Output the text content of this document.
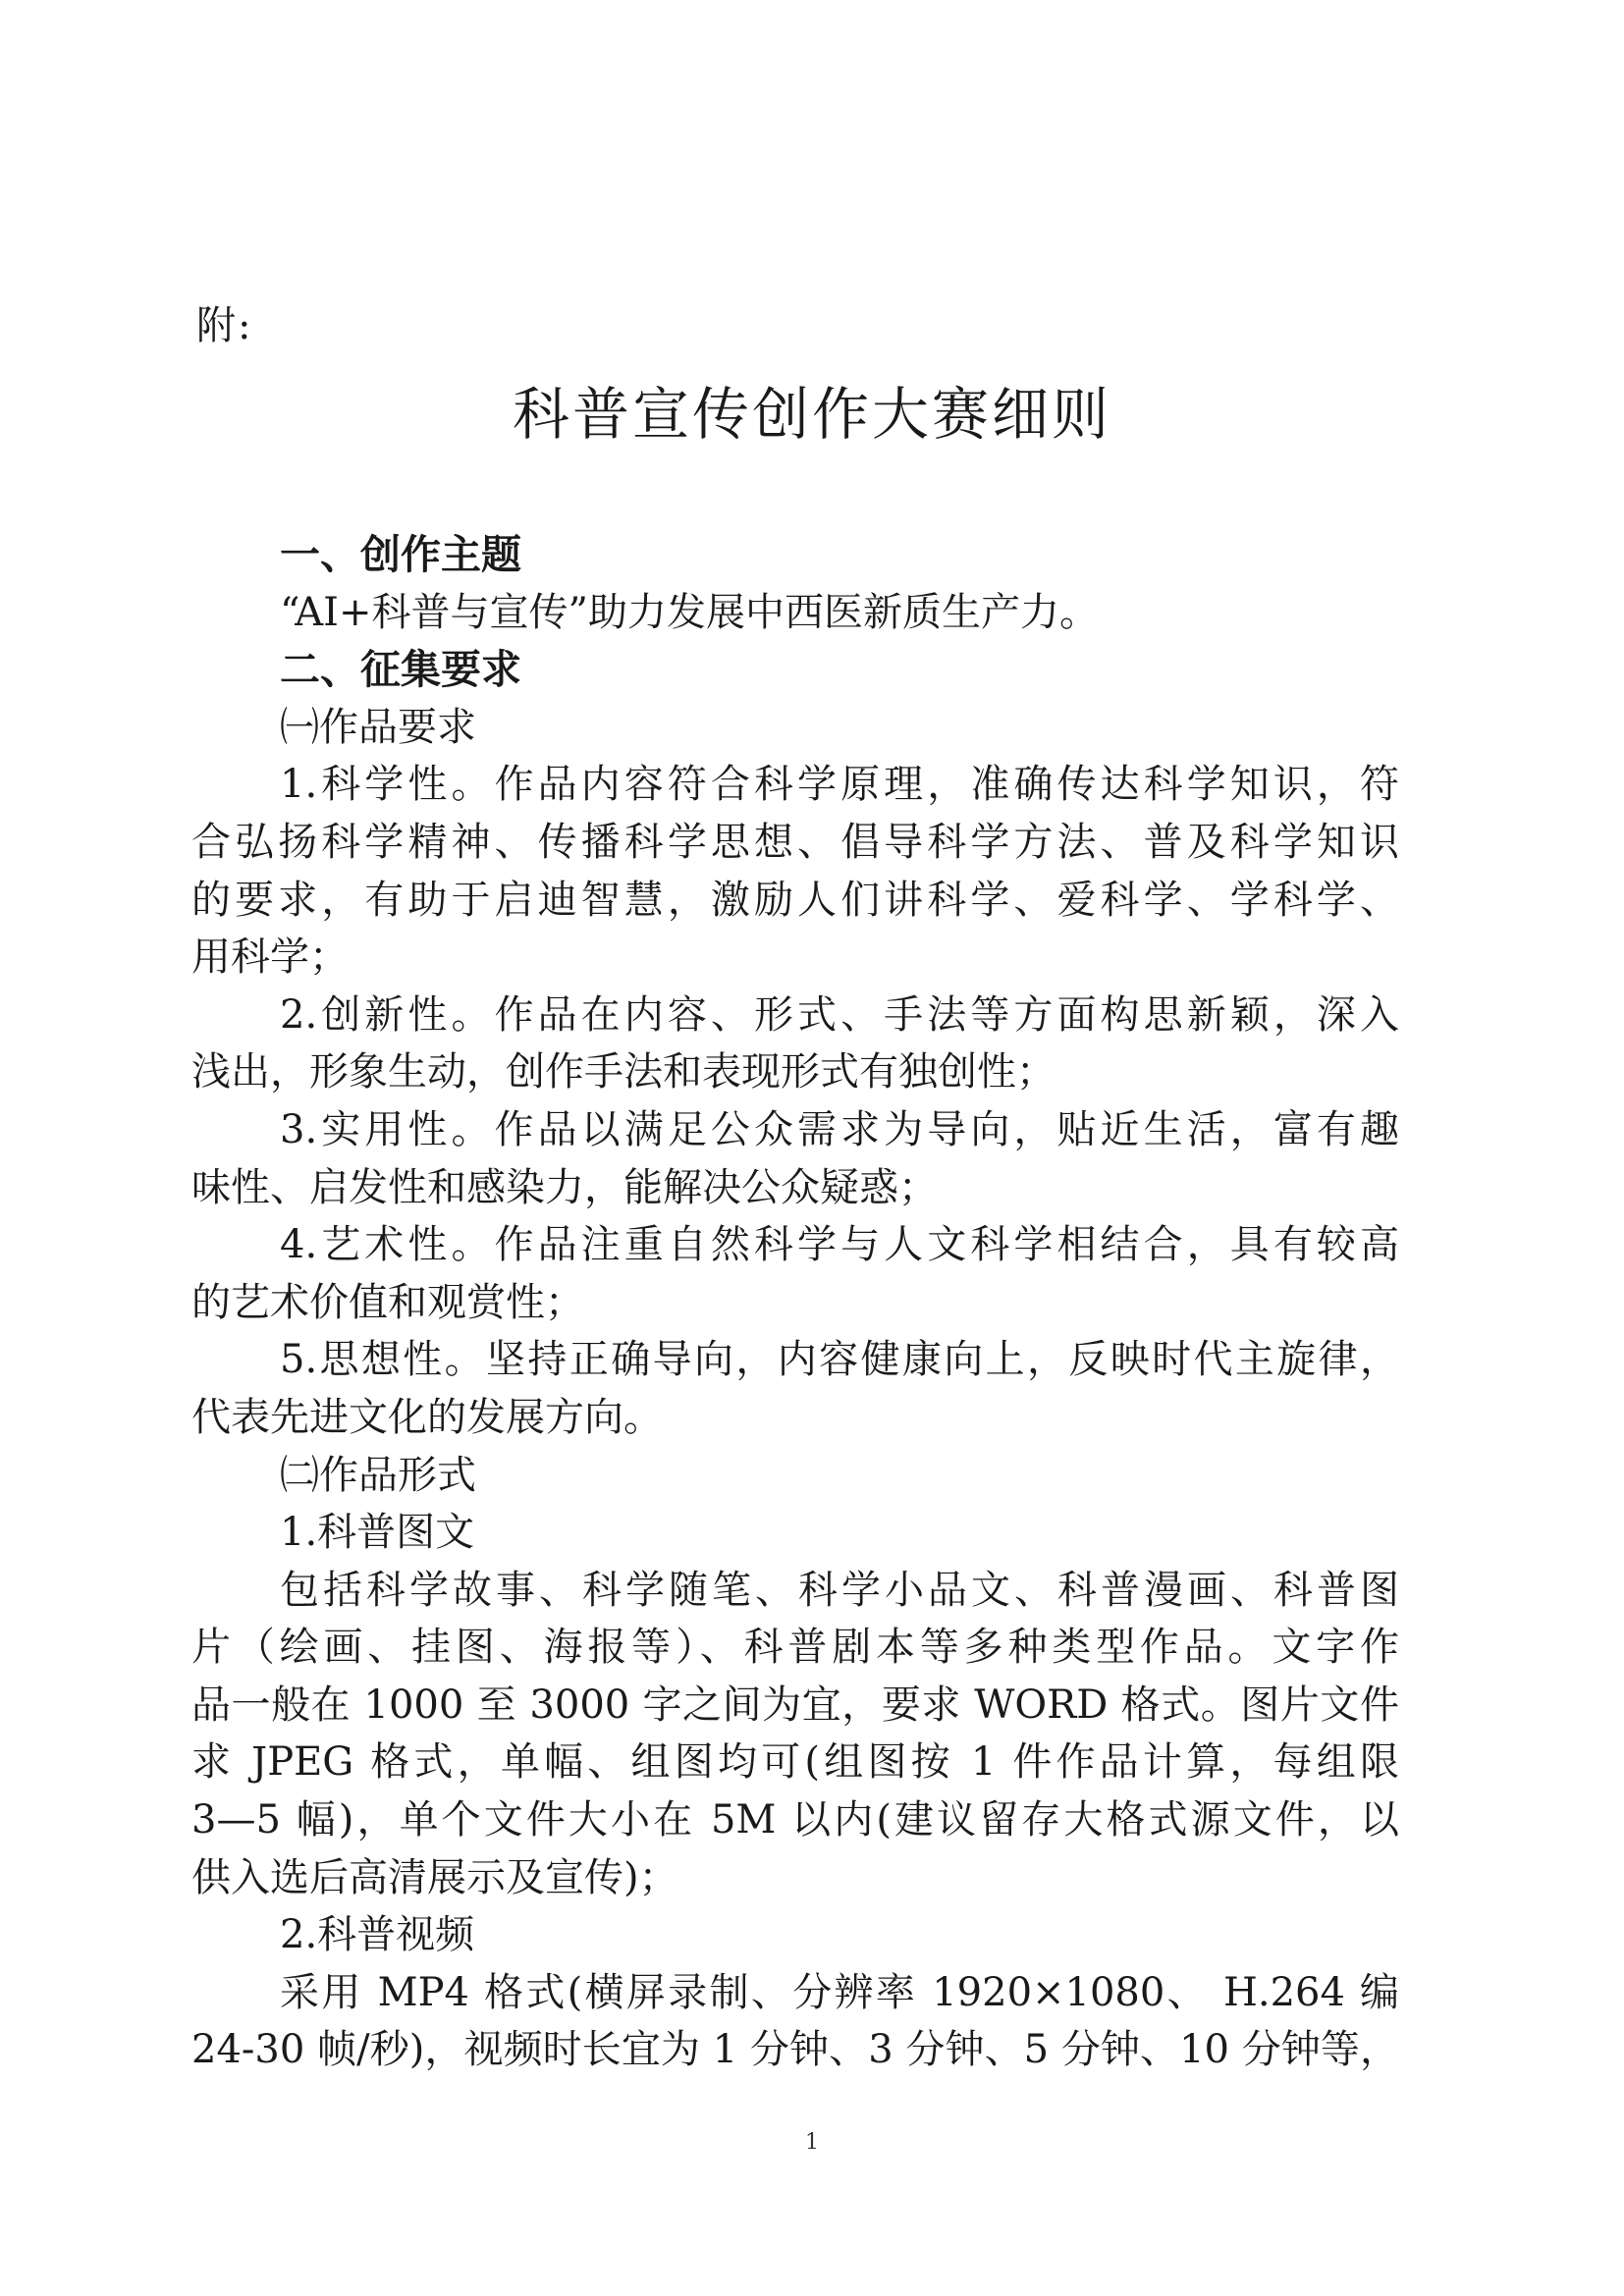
附:
科普宣传创作大赛细则
一、创作主题
“AI+科普与宣传”助力发展中西医新质生产力。
二、征集要求
㈠作品要求
1.科学性。作品内容符合科学原理，准确传达科学知识，符
合弘扬科学精神、传播科学思想、倡导科学方法、普及科学知识
的要求，有助于启迪智慧，激励人们讲科学、爱科学、学科学、
用科学；
2.创新性。作品在内容、形式、手法等方面构思新颖，深入
浅出，形象生动，创作手法和表现形式有独创性；
3.实用性。作品以满足公众需求为导向，贴近生活，富有趣
味性、启发性和感染力，能解决公众疑惑；
4.艺术性。作品注重自然科学与人文科学相结合，具有较高
的艺术价值和观赏性；
5.思想性。坚持正确导向，内容健康向上，反映时代主旋律，
代表先进文化的发展方向。
㈡作品形式
1.科普图文
包括科学故事、科学随笔、科学小品文、科普漫画、科普图
片（绘画、挂图、海报等）、科普剧本等多种类型作品。文字作
品一般在 1000 至 3000 字之间为宜，要求 WORD 格式。图片文件
求 JPEG 格式，单幅、组图均可(组图按 1 件作品计算，每组限
3—5 幅)，单个文件大小在 5M 以内(建议留存大格式源文件，以
供入选后高清展示及宣传)；
2.科普视频
采用 MP4 格式(横屏录制、分辨率 1920×1080、 H.264 编
24-30 帧/秒)，视频时长宜为 1 分钟、3 分钟、5 分钟、10 分钟等，
1
